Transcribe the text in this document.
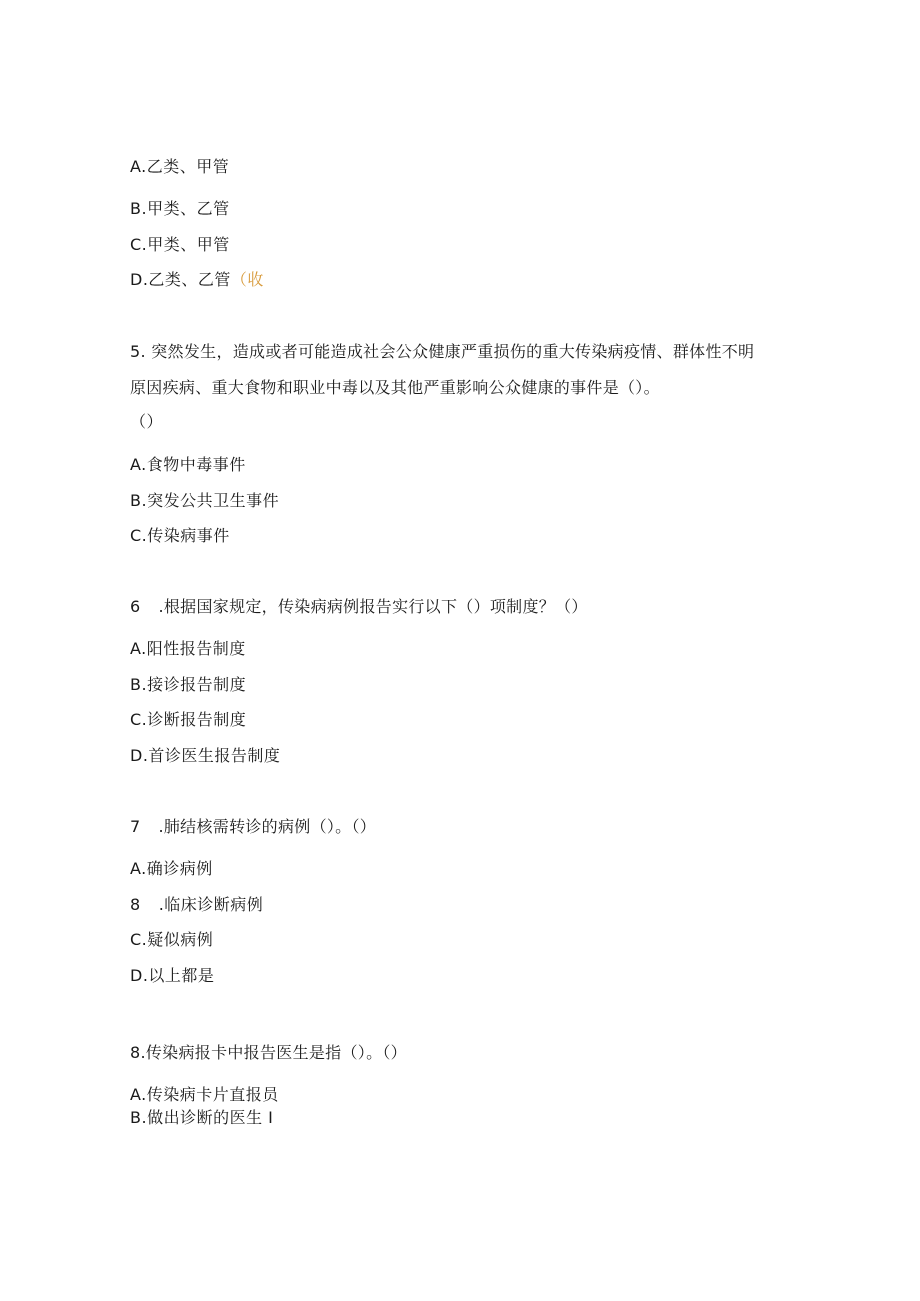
A.乙类、甲管
B.甲类、乙管
C.甲类、甲管
D.乙类、乙管（收
5. 突然发生，造成或者可能造成社会公众健康严重损伤的重大传染病疫情、群体性不明
原因疾病、重大食物和职业中毒以及其他严重影响公众健康的事件是（）。
（）
A.食物中毒事件
B.突发公共卫生事件
C.传染病事件
6 .根据国家规定，传染病病例报告实行以下（）项制度？（）
A.阳性报告制度
B.接诊报告制度
C.诊断报告制度
D.首诊医生报告制度
7 .肺结核需转诊的病例（）。（）
A.确诊病例
8 .临床诊断病例
C.疑似病例
D.以上都是
8.传染病报卡中报告医生是指（）。（）
A.传染病卡片直报员
B.做出诊断的医生 I
